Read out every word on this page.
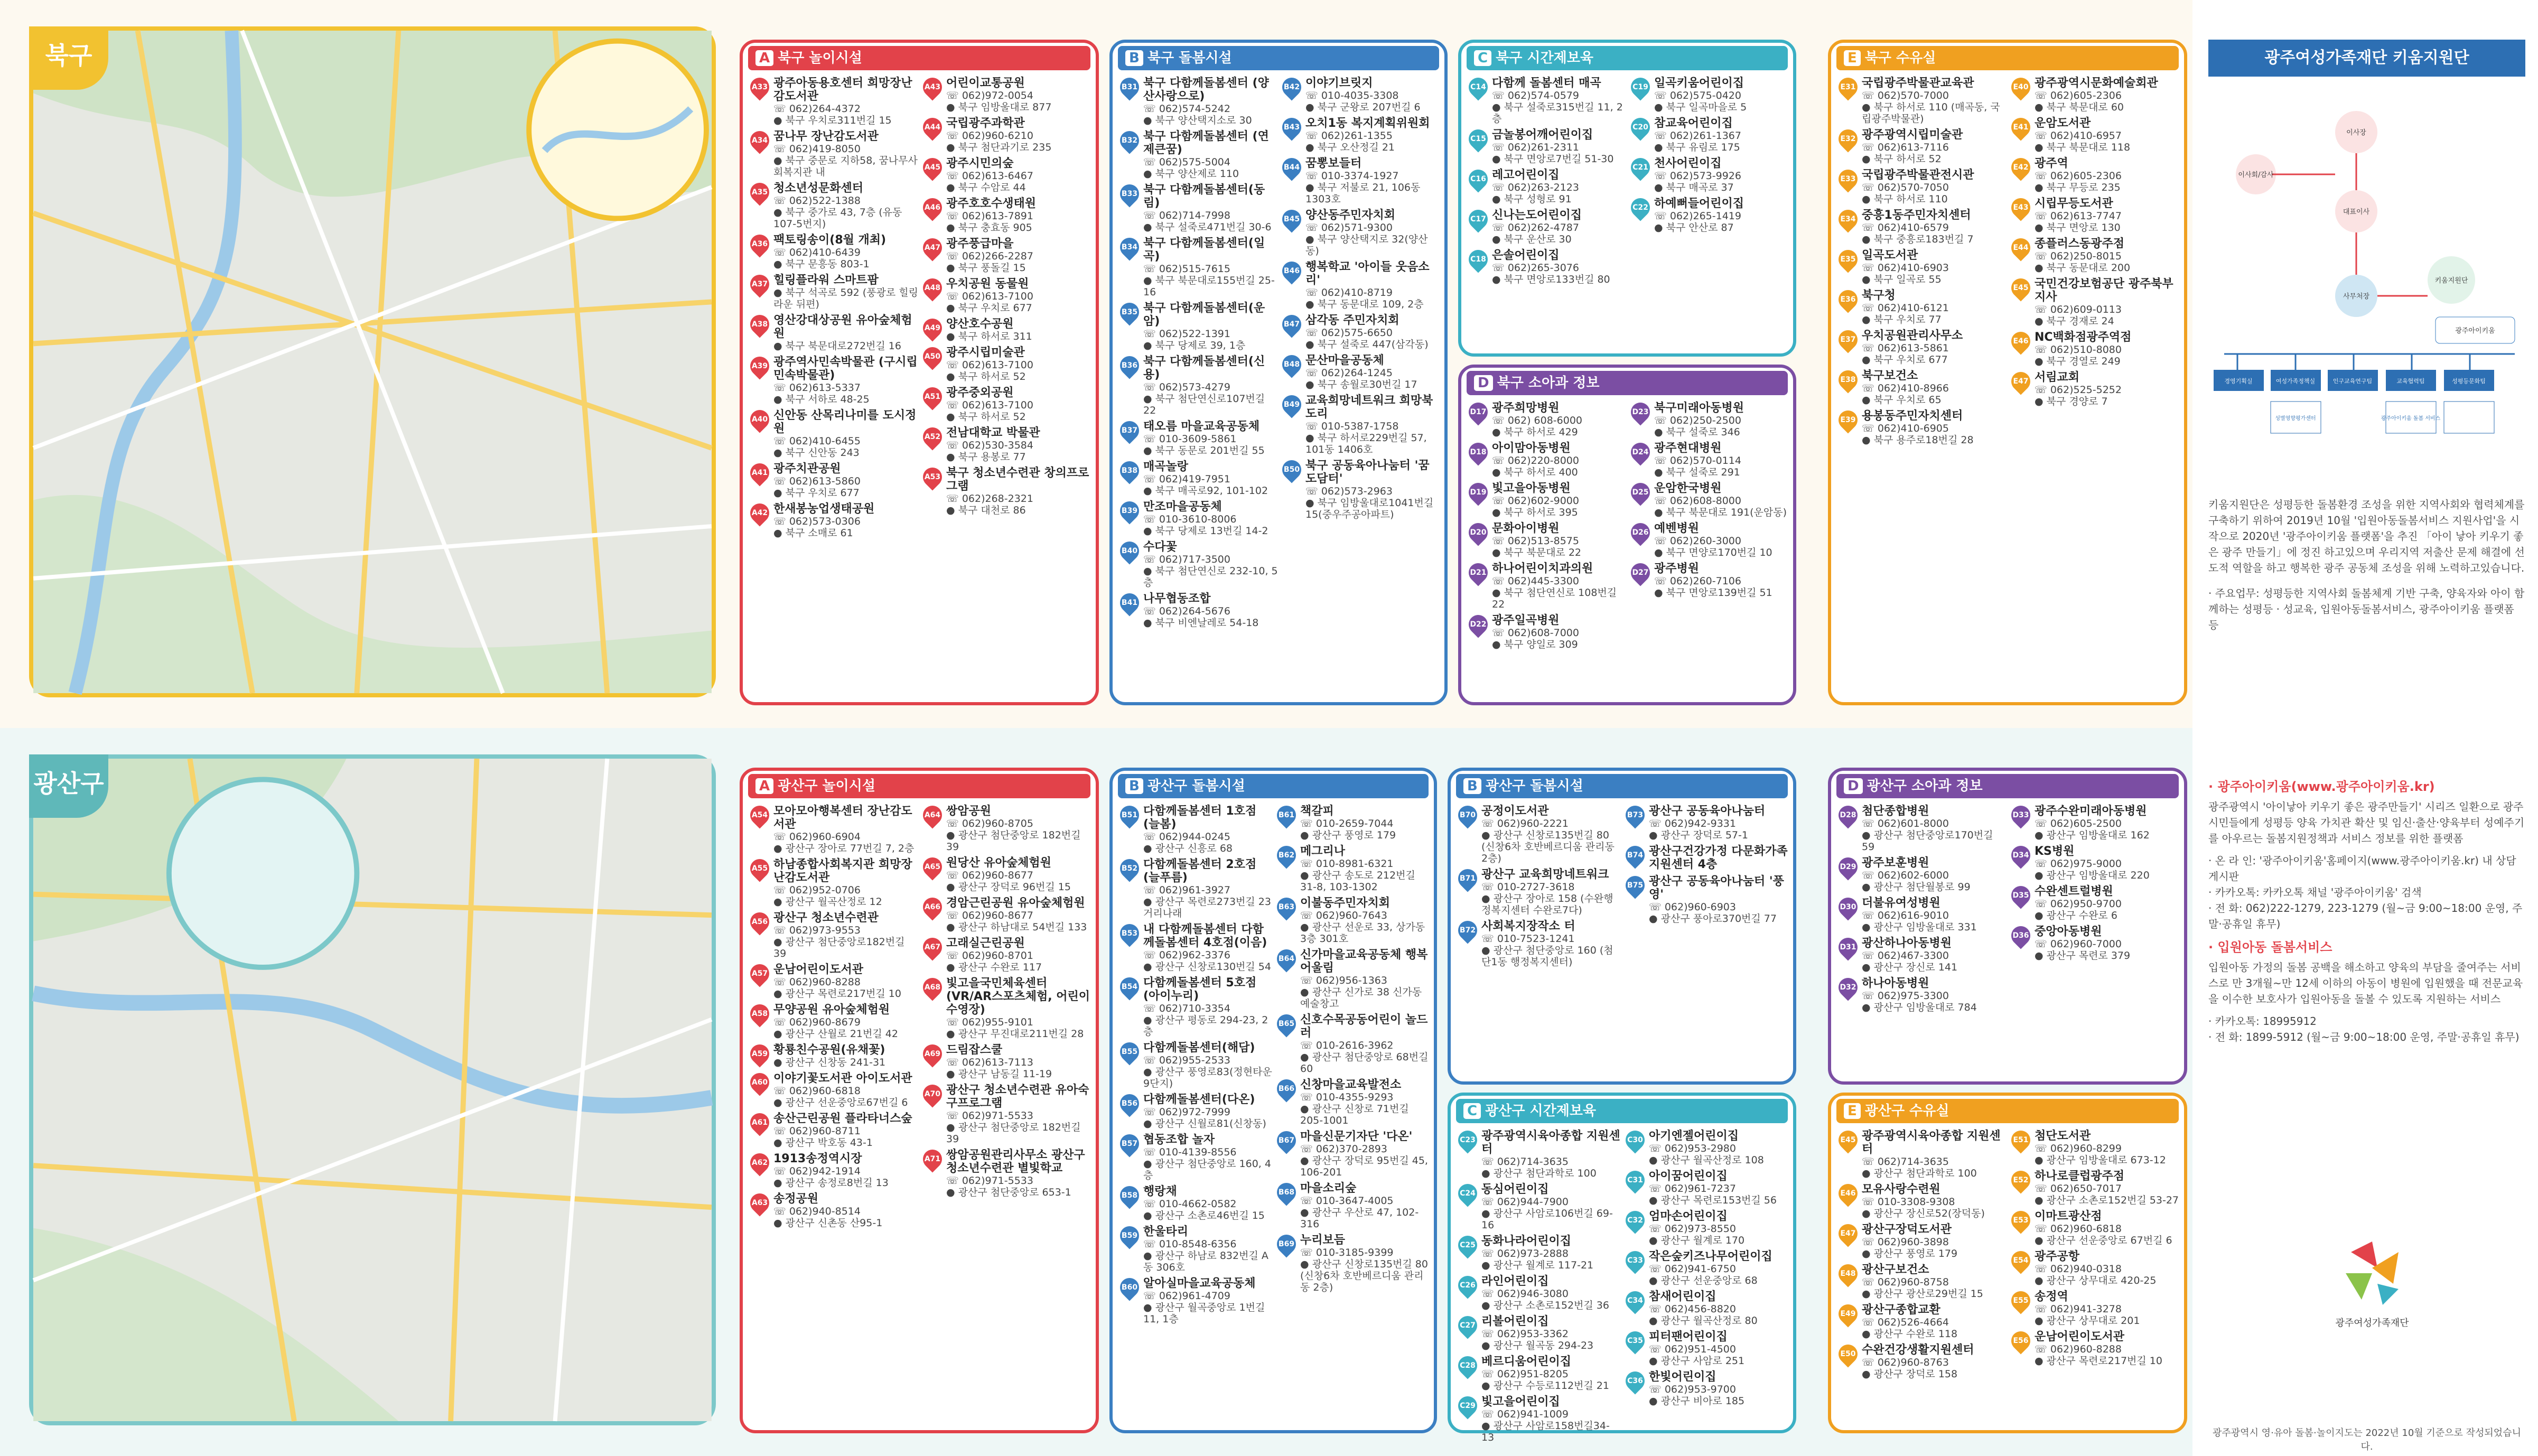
북구	A 북구 놀이시설
A33 광주아동용호센터 희망장난감도서관
☏ 062)264-4372
● 북구 우치로311번길 15
A34 꿈나무 장난감도서관
☏ 062)419-8050
● 북구 중문로 지하58, 꿈나무사회복지관 내
A35 청소년성문화센터
☏ 062)522-1388
● 북구 중가로 43, 7층 (유동 107-5번지)
A36 팩토링송이(8월 개최)
☏ 062)410-6439
● 북구 문흥동 803-1
A37 힐링플라워 스마트팜
● 북구 석곡로 592 (풍광로 힐링라운 뒤편)
A38 영산강대상공원 유아숲체험원
● 북구 북문대로272번길 16
A39 광주역사민속박물관 (구시립민속박물관)
☏ 062)613-5337
● 북구 서하로 48-25
A40 신안동 산목리나미를 도시정원
☏ 062)410-6455
● 북구 신안동 243
A41 광주치관공원
☏ 062)613-5860
● 북구 우치로 677
A42 한새봉농업생태공원
☏ 062)573-0306
● 북구 소매로 61
A43 어린이교통공원
☏ 062)972-0054
● 북구 임방울대로 877
A44 국립광주과학관
☏ 062)960-6210
● 북구 첨단과기로 235
A45 광주시민의숲
☏ 062)613-6467
● 북구 수암로 44
A46 광주호호수생태원
☏ 062)613-7891
● 북구 충효동 905
A47 광주풍급마을
☏ 062)266-2287
● 북구 풍돌길 15
A48 우치공원 동물원
☏ 062)613-7100
● 북구 우치로 677
A49 양산호수공원
● 북구 하서로 311
A50 광주시립미술관
☏ 062)613-7100
● 북구 하서로 52
A51 광주중외공원
☏ 062)613-7100
● 북구 하서로 52
A52 전남대학교 박물관
☏ 062)530-3584
● 북구 용봉로 77
A53 북구 청소년수련관 창의프로그램
☏ 062)268-2321
● 북구 대천로 86
B 북구 돌봄시설
B31 북구 다함께돌봄센터 (양산사랑으로)
☏ 062)574-5242
● 북구 양산택지소로 30
B32 북구 다함께돌봄센터 (연제큰꿈)
☏ 062)575-5004
● 북구 양산제로 110
B33 북구 다함께돌봄센터(동림)
☏ 062)714-7998
● 북구 설죽로471번길 30-6
B34 북구 다함께돌봄센터(일곡)
☏ 062)515-7615
● 북구 북문대로155번길 25-16
B35 북구 다함께돌봄센터(운암)
☏ 062)522-1391
● 북구 당제로 39, 1층
B36 북구 다함께돌봄센터(신용)
☏ 062)573-4279
● 북구 첨단연신로107번길 22
B37 태오름 마을교육공동체
☏ 010-3609-5861
● 북구 동문로 201번길 55
B38 매곡놀랑
☏ 062)419-7951
● 북구 매곡로92, 101-102
B39 만조마을공동체
☏ 010-3610-8006
● 북구 당제로 13번길 14-2
B40 수다꽃
☏ 062)717-3500
● 북구 첨단연신로 232-10, 5층
B41 나무협동조합
☏ 062)264-5676
● 북구 비엔날레로 54-18
B42 이야기브릿지
☏ 010-4035-3308
● 북구 군왕로 207번길 6
B43 오치1동 복지계획위원회
☏ 062)261-1355
● 북구 오산정길 21
B44 꿈뽕보들터
☏ 010-3374-1927
● 북구 저불로 21, 106동 1303호
B45 양산동주민자치회
☏ 062)571-9300
● 북구 양산택지로 32(양산동)
B46 행복학교 '아이들 웃음소리'
☏ 062)410-8719
● 북구 동문대로 109, 2층
B47 삼각동 주민자치회
☏ 062)575-6650
● 북구 설죽로 447(삼각동)
B48 문산마을공동체
☏ 062)264-1245
● 북구 송월로30번길 17
B49 교육희망네트워크 희망북도리
☏ 010-5387-1758
● 북구 하서로229번길 57, 101동 1406호
B50 북구 공동육아나눔터 '꿈도담터'
☏ 062)573-2963
● 북구 임방울대로1041번길 15(중우주공아파트)
C 북구 시간제보육
C14 다함께 돌봄센터 매곡
☏ 062)574-0579
● 북구 설죽로315번길 11, 2층
C15 금놀봉어깨어린이집
☏ 062)261-2311
● 북구 면앙로7번길 51-30
C16 레고어린이집
☏ 062)263-2123
● 북구 성형로 91
C17 신나는도어린이집
☏ 062)262-4787
● 북구 운산로 30
C18 은솔어린이집
☏ 062)265-3076
● 북구 면앙로133번길 80
C19 일곡키움어린이집
☏ 062)575-0420
● 북구 일곡마을로 5
C20 참교육어린이집
☏ 062)261-1367
● 북구 유림로 175
C21 천사어린이집
☏ 062)573-9926
● 북구 매곡로 37
C22 하예뻐들어린이집
☏ 062)265-1419
● 북구 안산로 87
D 북구 소아과 정보
D17 광주희망병원
☏ 062) 608-6000
● 북구 하서로 429
D18 아이맘아동병원
☏ 062)220-8000
● 북구 하서로 400
D19 빛고을아동병원
☏ 062)602-9000
● 북구 하서로 395
D20 문화아이병원
☏ 062)513-8575
● 북구 북문대로 22
D21 하나어린이치과의원
☏ 062)445-3300
● 북구 첨단연신로 108번길 22
D22 광주일곡병원
☏ 062)608-7000
● 북구 양일로 309
D23 북구미래아동병원
☏ 062)250-2500
● 북구 설죽로 346
D24 광주현대병원
☏ 062)570-0114
● 북구 설죽로 291
D25 운암한국병원
☏ 062)608-8000
● 북구 북문대로 191(운암동)
D26 예벤병원
☏ 062)260-3000
● 북구 면양로170번길 10
D27 광주병원
☏ 062)260-7106
● 북구 면앙로139번길 51
E 북구 수유실
E31 국립광주박물관교육관
☏ 062)570-7000
● 북구 하서로 110 (매곡동, 국립광주박물관)
E32 광주광역시립미술관
☏ 062)613-7116
● 북구 하서로 52
E33 국립광주박물관전시관
☏ 062)570-7050
● 북구 하서로 110
E34 중흥1동주민자치센터
☏ 062)410-6579
● 북구 중흥로183번길 7
E35 일곡도서관
☏ 062)410-6903
● 북구 일곡로 55
E36 북구청
☏ 062)410-6121
● 북구 우치로 77
E37 우치공원관리사무소
☏ 062)613-5861
● 북구 우치로 677
E38 북구보건소
☏ 062)410-8966
● 북구 우치로 65
E39 용봉동주민자치센터
☏ 062)410-6905
● 북구 용주로18번길 28
E40 광주광역시문화예술회관
☏ 062)605-2306
● 북구 북문대로 60
E41 운암도서관
☏ 062)410-6957
● 북구 북문대로 118
E42 광주역
☏ 062)605-2306
● 북구 무등로 235
E43 시립무등도서관
☏ 062)613-7747
● 북구 면앙로 130
E44 종플러스동광주점
☏ 062)250-8015
● 북구 동문대로 200
E45 국민건강보험공단 광주북부지사
☏ 062)609-0113
● 북구 경재로 24
E46 NC백화점광주역점
☏ 062)510-8080
● 북구 경열로 249
E47 서림교회
☏ 062)525-5252
● 북구 경양로 7
광산구	A 광산구 놀이시설
A54 모아모아행복센터 장난감도서관
☏ 062)960-6904
● 광산구 장아로 77번길 7, 2층
A55 하남종합사회복지관 희망장난감도서관
☏ 062)952-0706
● 광산구 월곡산정로 12
A56 광산구 청소년수련관
☏ 062)973-9553
● 광산구 첨단중앙로182번길 39
A57 운남어린이도서관
☏ 062)960-8288
● 광산구 목련로217번길 10
A58 무양공원 유아숲체험원
☏ 062)960-8679
● 광산구 산월로 21번길 42
A59 황룡친수공원(유채꽃)
● 광산구 신창동 241-31
A60 이야기꽃도서관 아이도서관
☏ 062)960-6818
● 광산구 선운중앙로67번길 6
A61 송산근린공원 플라타너스숲
☏ 062)960-8711
● 광산구 박호동 43-1
A62 1913송정역시장
☏ 062)942-1914
● 광산구 송정로8번길 13
A63 송정공원
☏ 062)940-8514
● 광산구 신촌동 산95-1
A64 쌍암공원
☏ 062)960-8705
● 광산구 첨단중앙로 182번길 39
A65 원당산 유아숲체험원
☏ 062)960-8677
● 광산구 장덕로 96번길 15
A66 경암근린공원 유아숲체험원
☏ 062)960-8677
● 광산구 하남대로 54번길 133
A67 고래실근린공원
☏ 062)960-8701
● 광산구 수완로 117
A68 빛고을국민체육센터 (VR/AR스포츠체험, 어린이수영장)
☏ 062)955-9101
● 광산구 무진대로211번길 28
A69 드림잡스쿨
☏ 062)613-7113
● 광산구 남동길 11-19
A70 광산구 청소년수련관 유아숙구프로그램
☏ 062)971-5533
● 광산구 첨단중앙로 182번길 39
A71 쌍암공원관리사무소 광산구 청소년수련관 별빛학교
☏ 062)971-5533
● 광산구 첨단중앙로 653-1
B 광산구 돌봄시설
B51 다함께돌봄센터 1호점(늘봄)
☏ 062)944-0245
● 광산구 신흥로 68
B52 다함께돌봄센터 2호점 (늘푸름)
☏ 062)961-3927
● 광산구 목련로273번길 23 거리나래
B53 내 다함께돌봄센터 다함께돌봄센터 4호점(이음)
☏ 062)962-3376
● 광산구 신창로130번길 54
B54 다함께돌봄센터 5호점 (아이누리)
☏ 062)710-3354
● 광산구 평동로 294-23, 2층
B55 다함께돌봄센터(해담)
☏ 062)955-2533
● 광산구 풍영로83(정현타운9단지)
B56 다함께돌봄센터(다온)
☏ 062)972-7999
● 광산구 신월로81(신창동)
B57 협동조합 놀자
☏ 010-4139-8556
● 광산구 첨단중앙로 160, 4층
B58 행랑채
☏ 010-4662-0582
● 광산구 소촌로46번길 15
B59 한울타리
☏ 010-8548-6356
● 광산구 하남로 832번길 A동 306호
B60 알아실마을교육공동체
☏ 062)961-4709
● 광산구 월곡중앙로 1번길 11, 1층
B61 책갈피
☏ 010-2659-7044
● 광산구 풍영로 179
B62 메그리나
☏ 010-8981-6321
● 광산구 송도로 212번길 31-8, 103-1302
B63 이불동주민자치회
☏ 062)960-7643
● 광산구 선운로 33, 상가동 3층 301호
B64 신가마을교육공동체 행복어울림
☏ 062)956-1363
● 광산구 신가로 38 신가동 예술창고
B65 신호수목공동어린이 놀드러
☏ 010-2616-3962
● 광산구 첨단중앙로 68번길 60
B66 신창마을교육발전소
☏ 010-4355-9293
● 광산구 신창로 71번길 205-1001
B67 마을신문기자단 '다온'
☏ 062)370-2893
● 광산구 장덕로 95번길 45, 106-201
B68 마을소리숲
☏ 010-3647-4005
● 광산구 우산로 47, 102-316
B69 누리보듬
☏ 010-3185-9399
● 광산구 신창로135번길 80 (신창6차 호반베르디움 관리동 2층)
B 광산구 돌봄시설
B70 공정이도서관
☏ 062)960-2221
● 광산구 신창로135번길 80 (신창6차 호반베르디움 관리동 2층)
B71 광산구 교육희망네트워크
☏ 010-2727-3618
● 광산구 장아로 158 (수완행정복지센터 수완로7다)
B72 사회복지장작소 터
☏ 010-7523-1241
● 광산구 첨단중앙로 160 (첨단1동 행정복지센터)
B73 광산구 공동육아나눔터
☏ 062)942-9331
● 광산구 장덕로 57-1
B74 광산구건강가정 다문화가족지원센터 4층
B75 광산구 공동육아나눔터 '풍영'
☏ 062)960-6903
● 광산구 풍아로370번길 77
C 광산구 시간제보육
C23 광주광역시육아종합 지원센터
☏ 062)714-3635
● 광산구 첨단과학로 100
C24 동심어린이집
☏ 062)944-7900
● 광산구 사암로106번길 69-16
C25 동화나라어린이집
☏ 062)973-2888
● 광산구 월계로 117-21
C26 라인어린이집
☏ 062)946-3080
● 광산구 소촌로152번길 36
C27 리볼어린이집
☏ 062)953-3362
● 광산구 월곡동 294-23
C28 베르디움어린이집
☏ 062)951-8205
● 광산구 수등로112번길 21
C29 빛고을어린이집
☏ 062)941-1009
● 광산구 사암로158번길34-13
C30 아기엔젤어린이집
☏ 062)953-2980
● 광산구 월곡산정로 108
C31 아이꿈어린이집
☏ 062)961-7237
● 광산구 목련로153번길 56
C32 엄마손어린이집
☏ 062)973-8550
● 광산구 월계로 170
C33 작은숲키즈나무어린이집
☏ 062)941-6750
● 광산구 선운중앙로 68
C34 참새어린이집
☏ 062)456-8820
● 광산구 월곡산정로 80
C35 피터팬어린이집
☏ 062)951-4500
● 광산구 사암로 251
C36 한빛어린이집
☏ 062)953-9700
● 광산구 비아로 185
D 광산구 소아과 정보
D28 첨단종합병원
☏ 062)601-8000
● 광산구 첨단중앙로170번길 59
D29 광주보훈병원
☏ 062)602-6000
● 광산구 첨단월봉로 99
D30 더불유여성병원
☏ 062)616-9010
● 광산구 임방울대로 331
D31 광산하나아동병원
☏ 062)467-3300
● 광산구 장신로 141
D32 하나아동병원
☏ 062)975-3300
● 광산구 임방울대로 784
D33 광주수완미래아동병원
☏ 062)605-2500
● 광산구 임방울대로 162
D34 KS병원
☏ 062)975-9000
● 광산구 임방울대로 220
D35 수완센트럴병원
☏ 062)950-9700
● 광산구 수완로 6
D36 중앙아동병원
☏ 062)960-7000
● 광산구 목련로 379
E 광산구 수유실
E45 광주광역시육아종합 지원센터
☏ 062)714-3635
● 광산구 첨단과학로 100
E46 모유사랑수련원
☏ 010-3308-9308
● 광산구 장신로52(장덕동)
E47 광산구장덕도서관
☏ 062)960-3898
● 광산구 풍영로 179
E48 광산구보건소
☏ 062)960-8758
● 광산구 광산로29번길 15
E49 광산구종합교환
☏ 062)526-4664
● 광산구 수완로 118
E50 수완건강생활지원센터
☏ 062)960-8763
● 광산구 장덕로 158
E51 첨단도서관
☏ 062)960-8299
● 광산구 임방울대로 673-12
E52 하나로클럽광주점
☏ 062)650-7017
● 광산구 소촌로152번길 53-27
E53 이마트광산점
☏ 062)960-6818
● 광산구 선운중앙로 67번길 6
E54 광주공항
☏ 062)940-0318
● 광산구 상무대로 420-25
E55 송정역
☏ 062)941-3278
● 광산구 상무대로 201
E56 운남어린이도서관
☏ 062)960-8288
● 광산구 목련로217번길 10
광주여성가족재단 키움지원단
이사장
이사회/감사
대표이사
사무처장
키움지원단
광주아이키움
경영기획실	여성가족정책실	인구교육연구팀	교육협력팀	성평등문화팀
성별영향평가센터	광주아이키움 돌봄 서비스

키움지원단은 성평등한 돌봄환경 조성을 위한 지역사회와 협력체계를 구축하기 위하여 2019년 10월 '입원아동돌봄서비스 지원사업'을 시작으로 2020년 '광주아이키움 플랫폼'을 추진 「아이 낳아 키우기 좋은 광주 만들기」에 정진 하고있으며 우리지역 저출산 문제 해결에 선도적 역할을 하고 행복한 광주 공동체 조성을 위해 노력하고있습니다.

· 주요업무: 성평등한 지역사회 돌봄체계 기반 구축, 양육자와 아이 함께하는 성평등 · 성교육, 입원아동돌봄서비스, 광주아이키움 플랫폼 등

· 광주아이키움(www.광주아이키움.kr)

광주광역시 '아이낳아 키우기 좋은 광주만들기' 시리즈 일환으로 광주 시민들에게 성평등 양육 가치관 확산 및 임신·출산·양육부터 성예주기를 아우르는 돌봄지원정책과 서비스 정보를 위한 플랫폼

· 온 라 인: '광주아이키움'홈페이지(www.광주아이키움.kr) 내 상담게시판

· 카카오톡: 카카오톡 채널 '광주아이키움' 검색

· 전 화: 062)222-1279, 223-1279 (월~금 9:00~18:00 운영, 주말·공휴일 휴무)

· 입원아동 돌봄서비스

입원아동 가정의 돌봄 공백을 해소하고 양육의 부담을 줄여주는 서비스로 만 3개월~만 12세 이하의 아동이 병원에 입원했을 때 전문교육을 이수한 보호사가 입원아동을 돌볼 수 있도록 지원하는 서비스

· 카카오톡: 18995912

· 전 화: 1899-5912 (월~금 9:00~18:00 운영, 주말·공휴일 휴무)

광주여성가족재단
광주광역시 영·유아 돌봄·놀이지도는 2022년 10월 기준으로 작성되었습니다.
